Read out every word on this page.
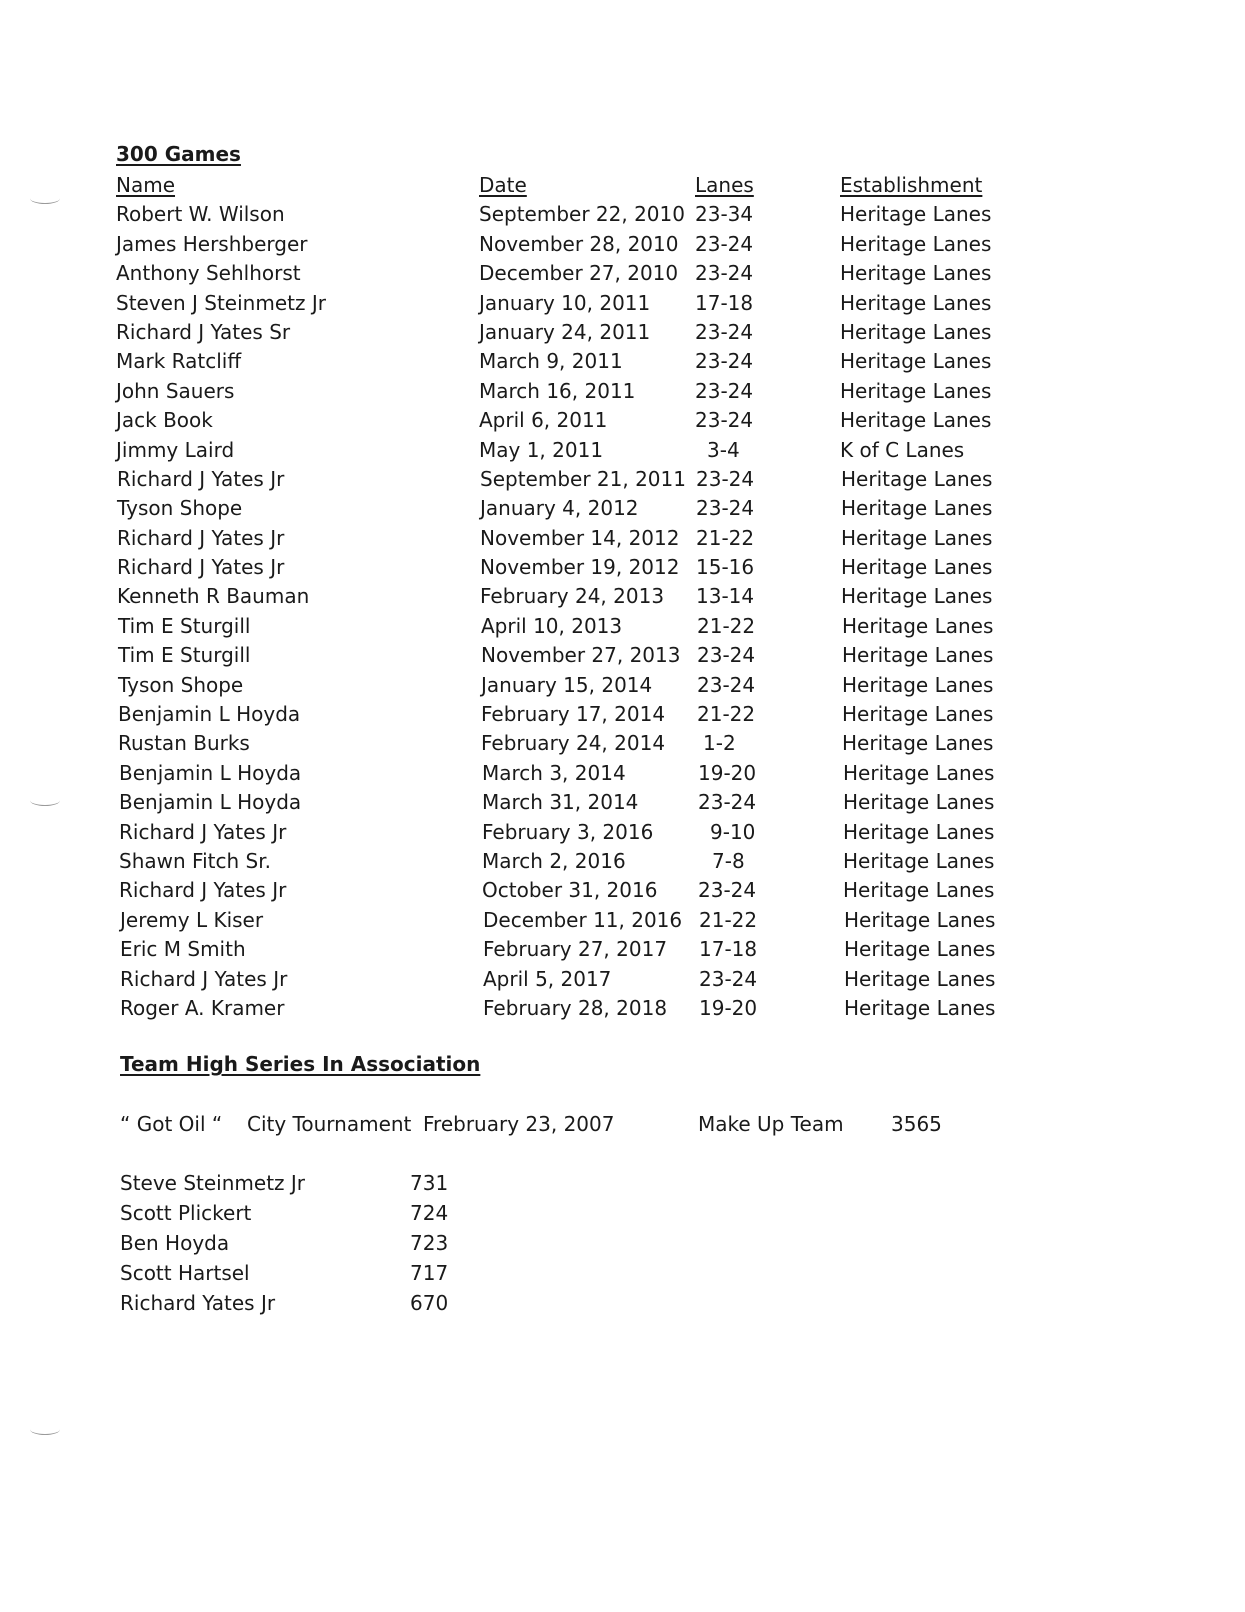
300 Games
Name	Date	Lanes	Establishment
Robert W. Wilson	September 22, 2010 23-34	Heritage Lanes
James Hershberger	November 28, 2010 23-24	Heritage Lanes
Anthony Sehlhorst	December 27, 2010 23-24	Heritage Lanes
Steven J Steinmetz Jr	January 10, 2011 17-18	Heritage Lanes
Richard J Yates Sr	January 24, 2011 23-24	Heritage Lanes
Mark Ratcliff	March 9, 2011	23-24	Heritage Lanes
John Sauers	March 16, 2011	23-24	Heritage Lanes
Jack Book	April 6, 2011	23-24	Heritage Lanes
Jimmy Laird	May 1, 2011	3-4	K of C Lanes
Richard J Yates Jr	September 21, 2011 23-24	Heritage Lanes
Tyson Shope	January 4, 2012	23-24	Heritage Lanes
Richard J Yates Jr	November 14, 2012 21-22	Heritage Lanes
Richard J Yates Jr	November 19, 2012 15-16	Heritage Lanes
Kenneth R Bauman	February 24, 2013 13-14	Heritage Lanes
Tim E Sturgill	April 10, 2013	21-22	Heritage Lanes
Tim E Sturgill	November 27, 2013 23-24	Heritage Lanes
Tyson Shope	January 15, 2014 23-24	Heritage Lanes
Benjamin L Hoyda	February 17, 2014 21-22	Heritage Lanes
Rustan Burks	February 24, 2014	1-2	Heritage Lanes
Benjamin L Hoyda	March 3, 2014	19-20	Heritage Lanes
Benjamin L Hoyda	March 31, 2014	23-24	Heritage Lanes
Richard J Yates Jr	February 3, 2016	9-10	Heritage Lanes
Shawn Fitch Sr.	March 2, 2016	7-8	Heritage Lanes
Richard J Yates Jr	October 31, 2016 23-24	Heritage Lanes
Jeremy L Kiser	December 11, 2016 21-22	Heritage Lanes
Eric M Smith	February 27, 2017 17-18	Heritage Lanes
Richard J Yates Jr	April 5, 2017	23-24	Heritage Lanes
Roger A. Kramer	February 28, 2018 19-20	Heritage Lanes
Team High Series In Association
“ Got Oil “ City Tournament Frebruary 23, 2007	Make Up Team 3565
Steve Steinmetz Jr	731
Scott Plickert	724
Ben Hoyda	723
Scott Hartsel	717
Richard Yates Jr	670
